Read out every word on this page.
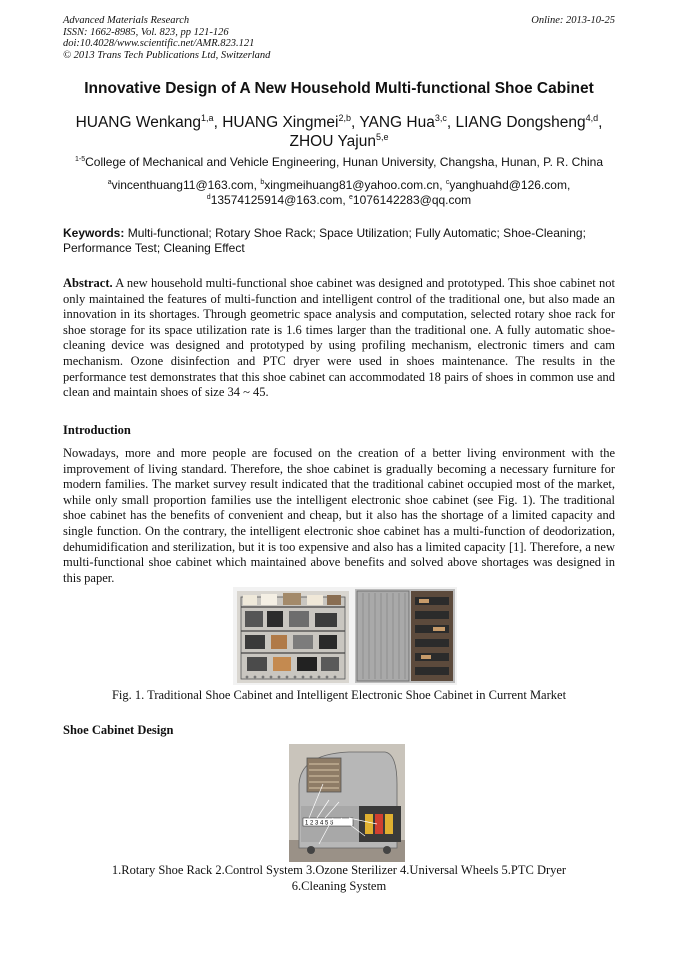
Advanced Materials Research
ISSN: 1662-8985, Vol. 823, pp 121-126
doi:10.4028/www.scientific.net/AMR.823.121
© 2013 Trans Tech Publications Ltd, Switzerland
Online: 2013-10-25
Innovative Design of A New Household Multi-functional Shoe Cabinet
HUANG Wenkang$^{1,a}$, HUANG Xingmei$^{2,b}$, YANG Hua$^{3,c}$, LIANG Dongsheng$^{4,d}$,
ZHOU Yajun$^{5,e}$
$^{1-5}$College of Mechanical and Vehicle Engineering, Hunan University, Changsha, Hunan, P. R. China
$^a$vincenthuang11@163.com, $^b$xingmeihuang81@yahoo.com.cn, $^c$yanghuahd@126.com,
$^d$13574125914@163.com, $^e$1076142283@qq.com
Keywords: Multi-functional; Rotary Shoe Rack; Space Utilization; Fully Automatic; Shoe-Cleaning; Performance Test; Cleaning Effect
Abstract. A new household multi-functional shoe cabinet was designed and prototyped. This shoe cabinet not only maintained the features of multi-function and intelligent control of the traditional one, but also made an innovation in its shortages. Through geometric space analysis and computation, selected rotary shoe rack for shoe storage for its space utilization rate is 1.6 times larger than the traditional one. A fully automatic shoe-cleaning device was designed and prototyped by using profiling mechanism, electronic timers and cam mechanism. Ozone disinfection and PTC dryer were used in shoes maintenance. The results in the performance test demonstrates that this shoe cabinet can accommodated 18 pairs of shoes in common use and clean and maintain shoes of size 34 ~ 45.
Introduction
Nowadays, more and more people are focused on the creation of a better living environment with the improvement of living standard. Therefore, the shoe cabinet is gradually becoming a necessary furniture for modern families. The market survey result indicated that the traditional cabinet occupied most of the market, while only small proportion families use the intelligent electronic shoe cabinet (see Fig. 1). The traditional shoe cabinet has the benefits of convenient and cheap, but it also has the shortage of a limited capacity and single function. On the contrary, the intelligent electronic shoe cabinet has a multi-function of deodorization, dehumidification and sterilization, but it is too expensive and also has a limited capacity [1]. Therefore, a new multi-functional shoe cabinet which maintained above benefits and solved above shortages was designed in this paper.
Fig. 1. Traditional Shoe Cabinet and Intelligent Electronic Shoe Cabinet in Current Market
Shoe Cabinet Design
1 2 3 4 5 6
1.Rotary Shoe Rack 2.Control System 3.Ozone Sterilizer 4.Universal Wheels 5.PTC Dryer
6.Cleaning System
